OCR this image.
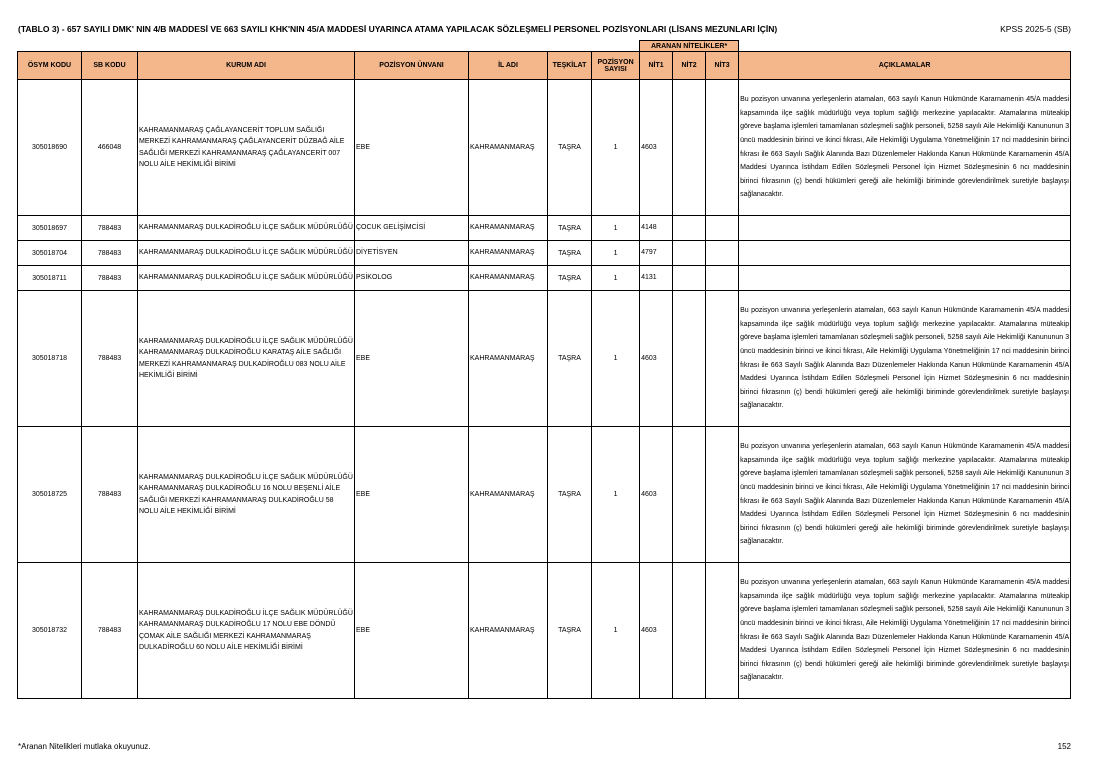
(TABLO 3) - 657 SAYILI DMK' NIN 4/B MADDESİ VE 663 SAYILI KHK'NIN 45/A MADDESİ UYARINCA ATAMA YAPILACAK SÖZLEŞMELİ PERSONEL POZİSYONLARI (LİSANS MEZUNLARI İÇİN)	KPSS 2025-5 (SB)
							ARANAN NİTELİKLER*			
ÖSYM KODU	SB KODU	KURUM ADI	POZİSYON ÜNVANI	İL ADI	TEŞKİLAT	POZİSYON SAYISI	NİT1	NİT2	NİT3	AÇIKLAMALAR
305018690	466048	KAHRAMANMARAŞ ÇAĞLAYANCERİT TOPLUM SAĞLIĞI MERKEZİ KAHRAMANMARAŞ ÇAĞLAYANCERİT DÜZBAĞ AİLE SAĞLIĞI MERKEZİ KAHRAMANMARAŞ ÇAĞLAYANCERİT 007 NOLU AİLE HEKİMLİĞİ BİRİMİ	EBE	KAHRAMANMARAŞ	TAŞRA	1	4603			Bu pozisyon unvanına yerleşenlerin atamaları, 663 sayılı Kanun Hükmünde Kararnamenin 45/A maddesi kapsamında ilçe sağlık müdürlüğü veya toplum sağlığı merkezine yapılacaktır. Atamalarına müteakip göreve başlama işlemleri tamamlanan sözleşmeli sağlık personeli, 5258 sayılı Aile Hekimliği Kanununun 3 üncü maddesinin birinci ve ikinci fıkrası, Aile Hekimliği Uygulama Yönetmeliğinin 17 nci maddesinin birinci fıkrası ile 663 Sayılı Sağlık Alanında Bazı Düzenlemeler Hakkında Kanun Hükmünde Kararnamenin 45/A Maddesi Uyarınca İstihdam Edilen Sözleşmeli Personel İçin Hizmet Sözleşmesinin 6 ncı maddesinin birinci fıkrasının (ç) bendi hükümleri gereği aile hekimliği biriminde görevlendirilmek suretiyle başlayışı sağlanacaktır.
305018697	788483	KAHRAMANMARAŞ DULKADİROĞLU İLÇE SAĞLIK MÜDÜRLÜĞÜ	ÇOCUK GELİŞİMCİSİ	KAHRAMANMARAŞ	TAŞRA	1	4148			
305018704	788483	KAHRAMANMARAŞ DULKADİROĞLU İLÇE SAĞLIK MÜDÜRLÜĞÜ	DİYETİSYEN	KAHRAMANMARAŞ	TAŞRA	1	4797			
305018711	788483	KAHRAMANMARAŞ DULKADİROĞLU İLÇE SAĞLIK MÜDÜRLÜĞÜ	PSİKOLOG	KAHRAMANMARAŞ	TAŞRA	1	4131			
305018718	788483	KAHRAMANMARAŞ DULKADİROĞLU İLÇE SAĞLIK MÜDÜRLÜĞÜ KAHRAMANMARAŞ DULKADİROĞLU KARATAŞ AİLE SAĞLIĞI MERKEZİ KAHRAMANMARAŞ DULKADİROĞLU 083 NOLU AİLE HEKİMLİĞİ BİRİMİ	EBE	KAHRAMANMARAŞ	TAŞRA	1	4603			Bu pozisyon unvanına yerleşenlerin atamaları, 663 sayılı Kanun Hükmünde Kararnamenin 45/A maddesi kapsamında ilçe sağlık müdürlüğü veya toplum sağlığı merkezine yapılacaktır. Atamalarına müteakip göreve başlama işlemleri tamamlanan sözleşmeli sağlık personeli, 5258 sayılı Aile Hekimliği Kanununun 3 üncü maddesinin birinci ve ikinci fıkrası, Aile Hekimliği Uygulama Yönetmeliğinin 17 nci maddesinin birinci fıkrası ile 663 Sayılı Sağlık Alanında Bazı Düzenlemeler Hakkında Kanun Hükmünde Kararnamenin 45/A Maddesi Uyarınca İstihdam Edilen Sözleşmeli Personel İçin Hizmet Sözleşmesinin 6 ncı maddesinin birinci fıkrasının (ç) bendi hükümleri gereği aile hekimliği biriminde görevlendirilmek suretiyle başlayışı sağlanacaktır.
305018725	788483	KAHRAMANMARAŞ DULKADİROĞLU İLÇE SAĞLIK MÜDÜRLÜĞÜ KAHRAMANMARAŞ DULKADİROĞLU 16 NOLU BEŞENLİ AİLE SAĞLIĞI MERKEZİ KAHRAMANMARAŞ DULKADİROĞLU 58 NOLU AİLE HEKİMLİĞİ BİRİMİ	EBE	KAHRAMANMARAŞ	TAŞRA	1	4603			Bu pozisyon unvanına yerleşenlerin atamaları, 663 sayılı Kanun Hükmünde Kararnamenin 45/A maddesi kapsamında ilçe sağlık müdürlüğü veya toplum sağlığı merkezine yapılacaktır. Atamalarına müteakip göreve başlama işlemleri tamamlanan sözleşmeli sağlık personeli, 5258 sayılı Aile Hekimliği Kanununun 3 üncü maddesinin birinci ve ikinci fıkrası, Aile Hekimliği Uygulama Yönetmeliğinin 17 nci maddesinin birinci fıkrası ile 663 Sayılı Sağlık Alanında Bazı Düzenlemeler Hakkında Kanun Hükmünde Kararnamenin 45/A Maddesi Uyarınca İstihdam Edilen Sözleşmeli Personel İçin Hizmet Sözleşmesinin 6 ncı maddesinin birinci fıkrasının (ç) bendi hükümleri gereği aile hekimliği biriminde görevlendirilmek suretiyle başlayışı sağlanacaktır.
305018732	788483	KAHRAMANMARAŞ DULKADİROĞLU İLÇE SAĞLIK MÜDÜRLÜĞÜ KAHRAMANMARAŞ DULKADİROĞLU 17 NOLU EBE DÖNDÜ ÇOMAK AİLE SAĞLIĞI MERKEZİ KAHRAMANMARAŞ DULKADİROĞLU 60 NOLU AİLE HEKİMLİĞİ BİRİMİ	EBE	KAHRAMANMARAŞ	TAŞRA	1	4603			Bu pozisyon unvanına yerleşenlerin atamaları, 663 sayılı Kanun Hükmünde Kararnamenin 45/A maddesi kapsamında ilçe sağlık müdürlüğü veya toplum sağlığı merkezine yapılacaktır. Atamalarına müteakip göreve başlama işlemleri tamamlanan sözleşmeli sağlık personeli, 5258 sayılı Aile Hekimliği Kanununun 3 üncü maddesinin birinci ve ikinci fıkrası, Aile Hekimliği Uygulama Yönetmeliğinin 17 nci maddesinin birinci fıkrası ile 663 Sayılı Sağlık Alanında Bazı Düzenlemeler Hakkında Kanun Hükmünde Kararnamenin 45/A Maddesi Uyarınca İstihdam Edilen Sözleşmeli Personel İçin Hizmet Sözleşmesinin 6 ncı maddesinin birinci fıkrasının (ç) bendi hükümleri gereği aile hekimliği biriminde görevlendirilmek suretiyle başlayışı sağlanacaktır.
*Aranan Nitelikleri mutlaka okuyunuz.	152
